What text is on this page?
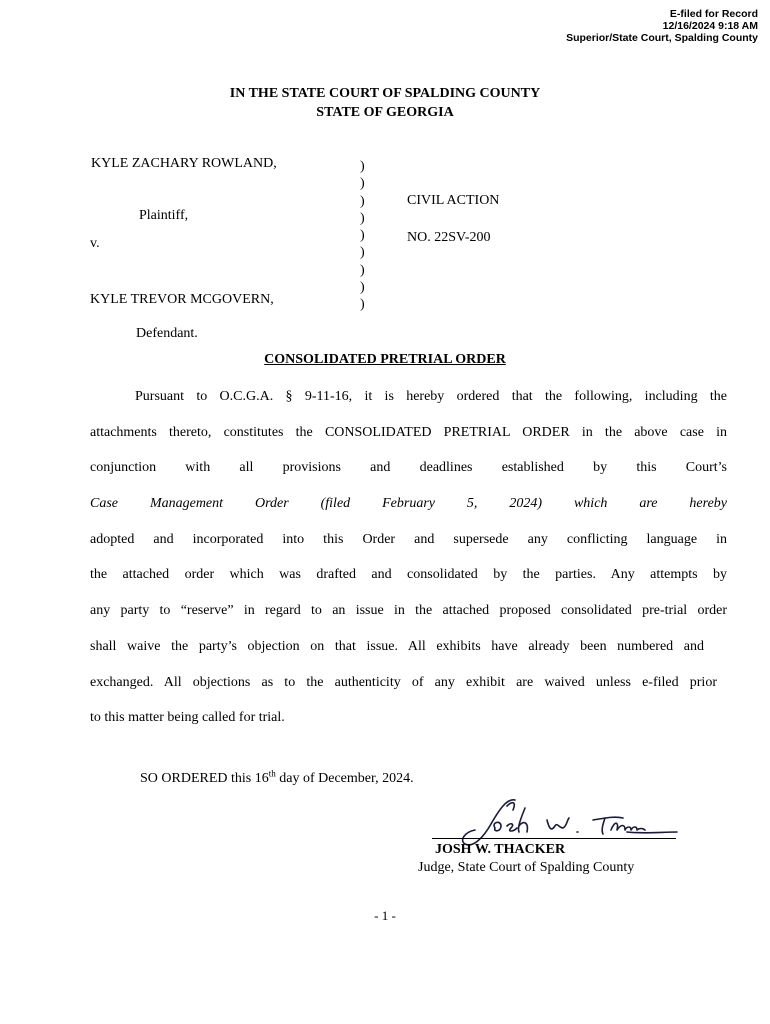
E-filed for Record
12/16/2024 9:18 AM
Superior/State Court, Spalding County
IN THE STATE COURT OF SPALDING COUNTY
STATE OF GEORGIA
KYLE ZACHARY ROWLAND,
Plaintiff,
v.
KYLE TREVOR MCGOVERN,
Defendant.
)
)
)
)
)
)
)
)
)
CIVIL ACTION
NO. 22SV-200
CONSOLIDATED PRETRIAL ORDER
Pursuant to O.C.G.A. § 9-11-16, it is hereby ordered that the following, including the
attachments thereto, constitutes the CONSOLIDATED PRETRIAL ORDER in the above case in
conjunction with all provisions and deadlines established by this Court’s
Case Management Order (filed February 5, 2024) which are hereby
adopted and incorporated into this Order and supersede any conflicting language in
the attached order which was drafted and consolidated by the parties. Any attempts by
any party to “reserve” in regard to an issue in the attached proposed consolidated pre-trial order
shall waive the party’s objection on that issue. All exhibits have already been numbered and
exchanged. All objections as to the authenticity of any exhibit are waived unless e-filed prior
to this matter being called for trial.
SO ORDERED this 16th day of December, 2024.
JOSH W. THACKER
Judge, State Court of Spalding County
- 1 -
